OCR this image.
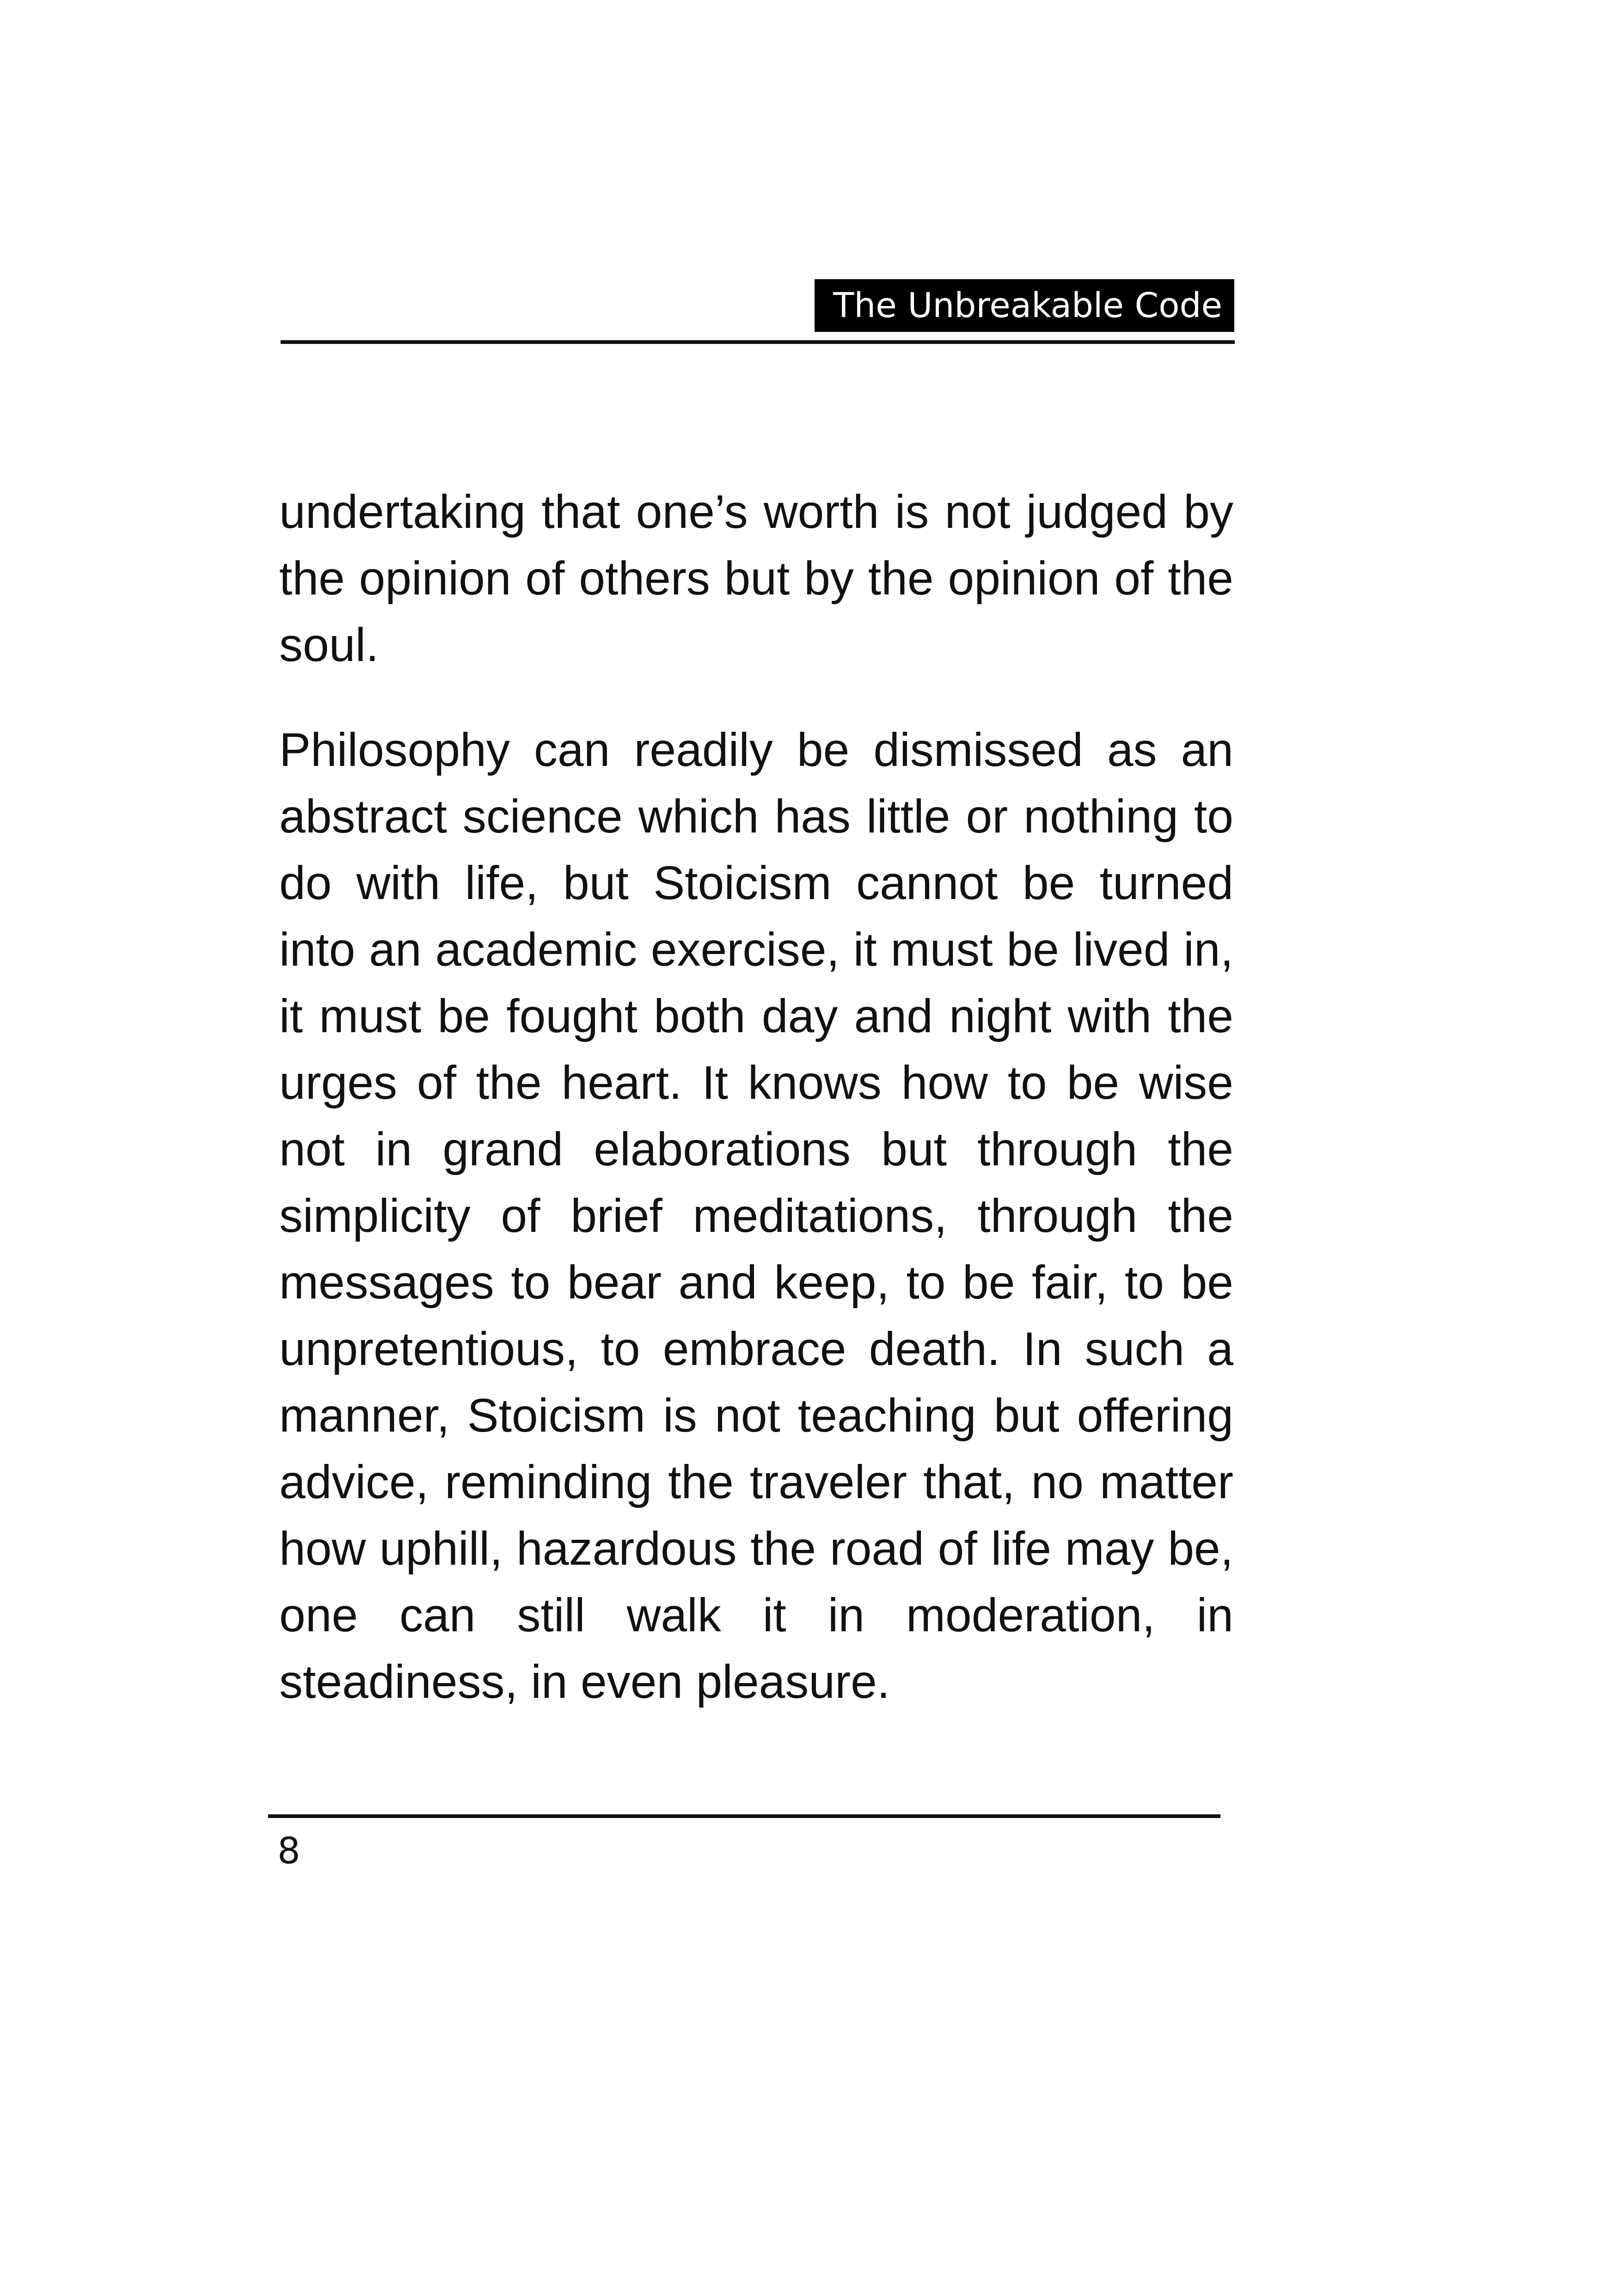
The Unbreakable Code

undertaking that one’s worth is not judged by the opinion of others but by the opinion of the soul.

Philosophy can readily be dismissed as an abstract science which has little or nothing to do with life, but Stoicism cannot be turned into an academic exercise, it must be lived in, it must be fought both day and night with the urges of the heart. It knows how to be wise not in grand elaborations but through the simplicity of brief meditations, through the messages to bear and keep, to be fair, to be unpretentious, to embrace death. In such a manner, Stoicism is not teaching but offering advice, reminding the traveler that, no matter how uphill, hazardous the road of life may be, one can still walk it in moderation, in steadiness, in even pleasure.

8
